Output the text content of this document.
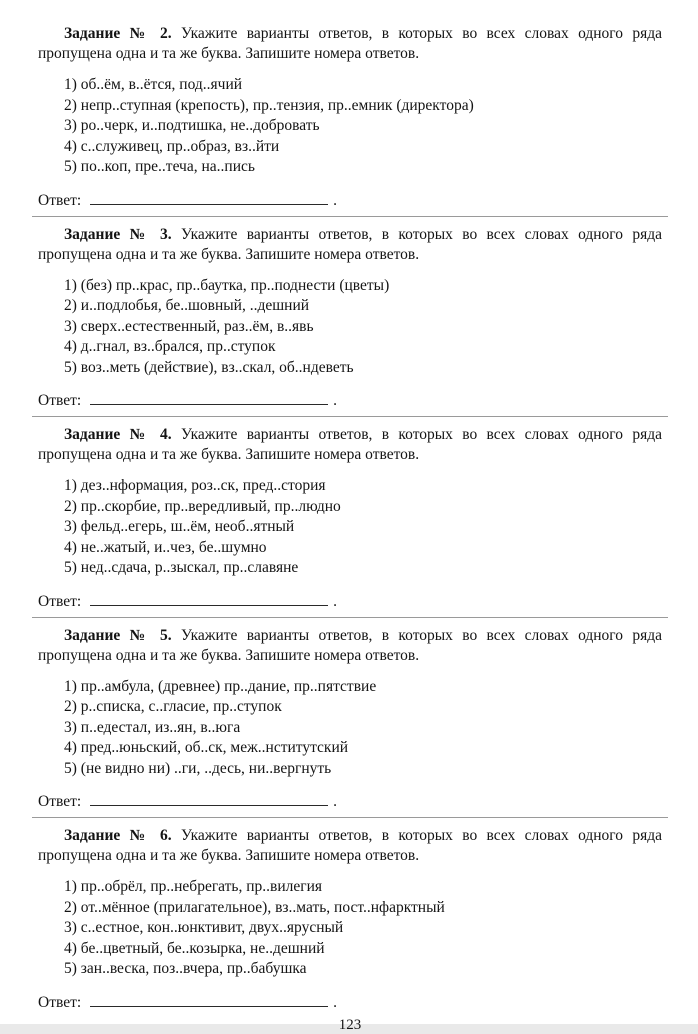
Задание № 2. Укажите варианты ответов, в которых во всех словах одного ряда пропущена одна и та же буква. Запишите номера ответов.

1) об..ём, в..ётся, под..ячий

2) непр..ступная (крепость), пр..тензия, пр..емник (директора)

3) ро..черк, и..подтишка, не..добровать

4) с..служивец, пр..образ, вз..йти

5) по..коп, пре..теча, на..пись

Ответ:	.

Задание № 3. Укажите варианты ответов, в которых во всех словах одного ряда пропущена одна и та же буква. Запишите номера ответов.

1) (без) пр..крас, пр..баутка, пр..поднести (цветы)

2) и..подлобья, бе..шовный, ..дешний

3) сверх..естественный, раз..ём, в..явь

4) д..гнал, вз..брался, пр..ступок

5) воз..меть (действие), вз..скал, об..ндеветь

Ответ:	.

Задание № 4. Укажите варианты ответов, в которых во всех словах одного ряда пропущена одна и та же буква. Запишите номера ответов.

1) дез..нформация, роз..ск, пред..стория

2) пр..скорбие, пр..вередливый, пр..людно

3) фельд..егерь, ш..ём, необ..ятный

4) не..жатый, и..чез, бе..шумно

5) нед..сдача, р..зыскал, пр..славяне

Ответ:	.

Задание № 5. Укажите варианты ответов, в которых во всех словах одного ряда пропущена одна и та же буква. Запишите номера ответов.

1) пр..амбула, (древнее) пр..дание, пр..пятствие

2) р..списка, с..гласие, пр..ступок

3) п..едестал, из..ян, в..юга

4) пред..юньский, об..ск, меж..нститутский

5) (не видно ни) ..ги, ..десь, ни..вергнуть

Ответ:	.

Задание № 6. Укажите варианты ответов, в которых во всех словах одного ряда пропущена одна и та же буква. Запишите номера ответов.

1) пр..обрёл, пр..небрегать, пр..вилегия

2) от..мённое (прилагательное), вз..мать, пост..нфарктный

3) с..естное, кон..юнктивит, двух..ярусный

4) бе..цветный, бе..козырка, не..дешний

5) зан..веска, поз..вчера, пр..бабушка

Ответ:	.

123
